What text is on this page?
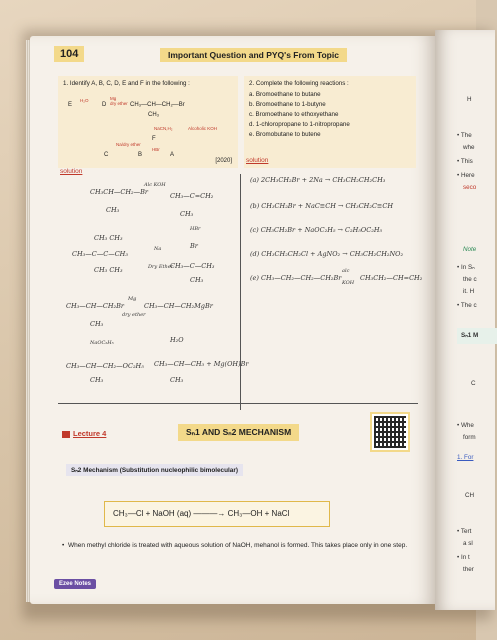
104	Important Question and PYQ's From Topic
1. Identify A, B, C, D, E and F in the following :
E
H₂O
D
Mg
dry ether CH₃—CH—CH₂—Br
CH₃
NaCN,H₂	Alcoholic KOH
F
Na/dry ether
C	B
HBr
A
[2020]
2. Complete the following reactions :
a. Bromoethane to butane
b. Bromoethane to 1-butyne
c. Bromoethane to ethoxyethane
d. 1-chloropropane to 1-nitropropane
e. Bromobutane to butene
solution
solution
CH₃CH—CH₂—Br
Alc KOH
CH₃—C=CH₂
CH₃	CH₃
HBr
Br
CH₃ CH₃
CH₃—C—C—CH₃
CH₃ CH₃
Na
Dry Ether
CH₃—C—CH₃
CH₃
CH₃—CH—CH₂Br
Mg
dry ether
CH₃—CH—CH₂MgBr
CH₃
NaOC₂H₅	H₂O
CH₃—CH—CH₂—OC₂H₅ CH₃—CH—CH₃ + Mg(OH)Br
CH₃	CH₃
(a) 2CH₃CH₂Br + 2Na → CH₃CH₂CH₂CH₃
(b) CH₃CH₂Br + NaC≡CH → CH₃CH₂C≡CH
(c) CH₃CH₂Br + NaOC₂H₅ → C₂H₅OC₂H₅
(d) CH₃CH₂CH₂Cl + AgNO₂ → CH₃CH₂CH₂NO₂
(e) CH₃—CH₂—CH₂—CH₂Br
alc
KOH
CH₃CH₂—CH=CH₂
Lecture 4	Sₙ1 AND Sₙ2 MECHANISM
Sₙ2 Mechanism (Substitution nucleophilic bimolecular)
CH₃—Cl + NaOH (aq) ———→ CH₃—OH + NaCl
• When methyl chloride is treated with aqueous solution of NaOH, mehanol is formed. This takes place only in one step.
Ezee Notes
H
• The
whe
• This
• Here
seco
Note
• In Sₙ
the c
it. H
• The c
Sₙ1 M
C
• Whe
form
1. For
CH
• Tert
a sl
• In t
ther
